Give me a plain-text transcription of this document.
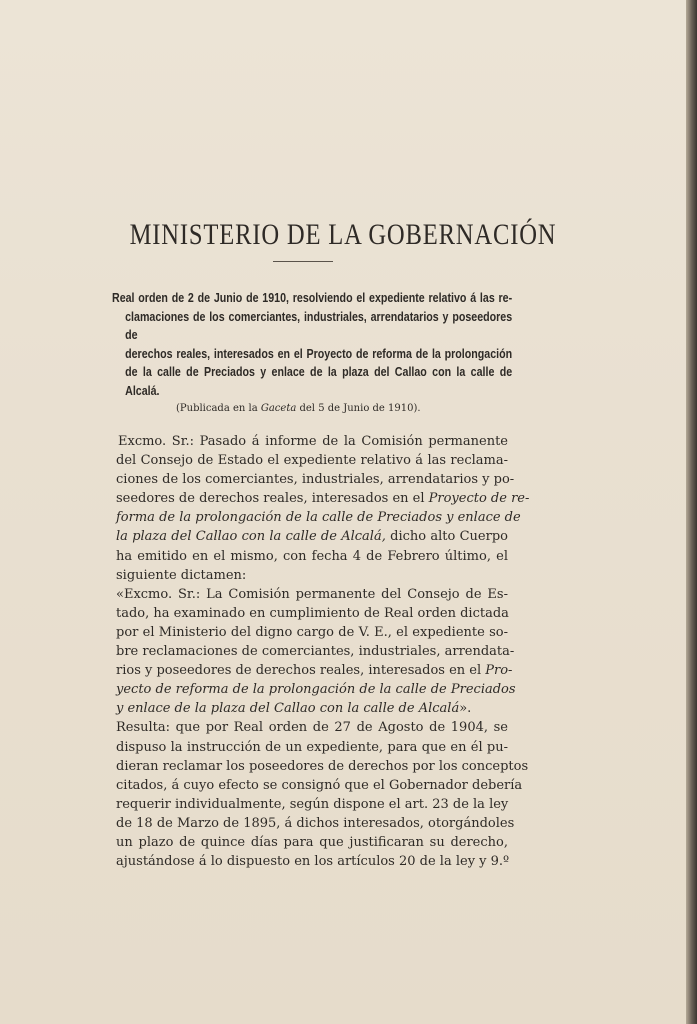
MINISTERIO DE LA GOBERNACIÓN
Real orden de 2 de Junio de 1910, resolviendo el expediente relativo á las re-
clamaciones de los comerciantes, industriales, arrendatarios y poseedores de
derechos reales, interesados en el Proyecto de reforma de la prolongación
de la calle de Preciados y enlace de la plaza del Callao con la calle de
Alcalá.
(Publicada en la Gaceta del 5 de Junio de 1910).
Excmo. Sr.: Pasado á informe de la Comisión permanente
del Consejo de Estado el expediente relativo á las reclama-
ciones de los comerciantes, industriales, arrendatarios y po-
seedores de derechos reales, interesados en el Proyecto de re-
forma de la prolongación de la calle de Preciados y enlace de
la plaza del Callao con la calle de Alcalá, dicho alto Cuerpo
ha emitido en el mismo, con fecha 4 de Febrero último, el
siguiente dictamen:
«Excmo. Sr.: La Comisión permanente del Consejo de Es-
tado, ha examinado en cumplimiento de Real orden dictada
por el Ministerio del digno cargo de V. E., el expediente so-
bre reclamaciones de comerciantes, industriales, arrendata-
rios y poseedores de derechos reales, interesados en el Pro-
yecto de reforma de la prolongación de la calle de Preciados
y enlace de la plaza del Callao con la calle de Alcalá».
Resulta: que por Real orden de 27 de Agosto de 1904, se
dispuso la instrucción de un expediente, para que en él pu-
dieran reclamar los poseedores de derechos por los conceptos
citados, á cuyo efecto se consignó que el Gobernador debería
requerir individualmente, según dispone el art. 23 de la ley
de 18 de Marzo de 1895, á dichos interesados, otorgándoles
un plazo de quince días para que justificaran su derecho,
ajustándose á lo dispuesto en los artículos 20 de la ley y 9.º
